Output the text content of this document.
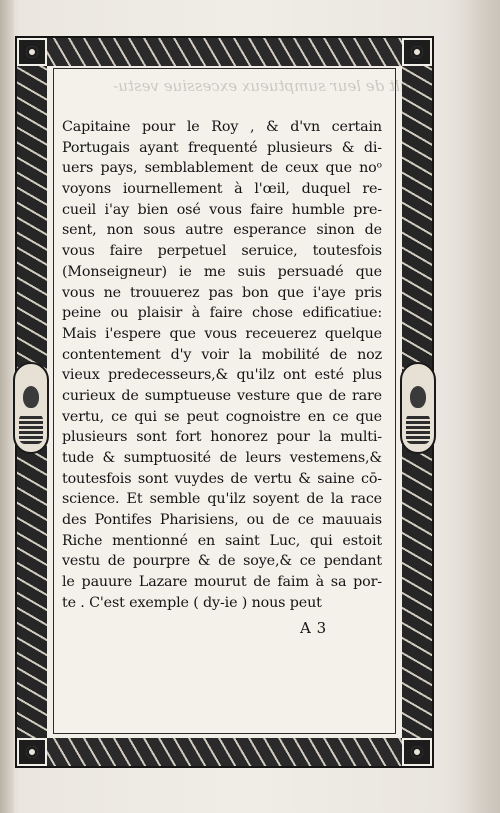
fault de leur sumptueux excessiue vestu-
Capitaine pour le Roy , & d'vn certain
Portugais ayant frequenté plusieurs & di-
uers pays, semblablement de ceux que noᵒ
voyons iournellement à l'œil, duquel re-
cueil i'ay bien osé vous faire humble pre-
sent, non sous autre esperance sinon de
vous faire perpetuel seruice, toutesfois
(Monseigneur) ie me suis persuadé que
vous ne trouuerez pas bon que i'aye pris
peine ou plaisir à faire chose edificatiue:
Mais i'espere que vous receuerez quelque
contentement d'y voir la mobilité de noz
vieux predecesseurs,& qu'ilz ont esté plus
curieux de sumptueuse vesture que de rare
vertu, ce qui se peut cognoistre en ce que
plusieurs sont fort honorez pour la multi-
tude & sumptuosité de leurs vestemens,&
toutesfois sont vuydes de vertu & saine cō-
science. Et semble qu'ilz soyent de la race
des Pontifes Pharisiens, ou de ce mauuais
Riche mentionné en saint Luc, qui estoit
vestu de pourpre & de soye,& ce pendant
le pauure Lazare mourut de faim à sa por-
te . C'est exemple ( dy-ie ) nous peut
A 3
